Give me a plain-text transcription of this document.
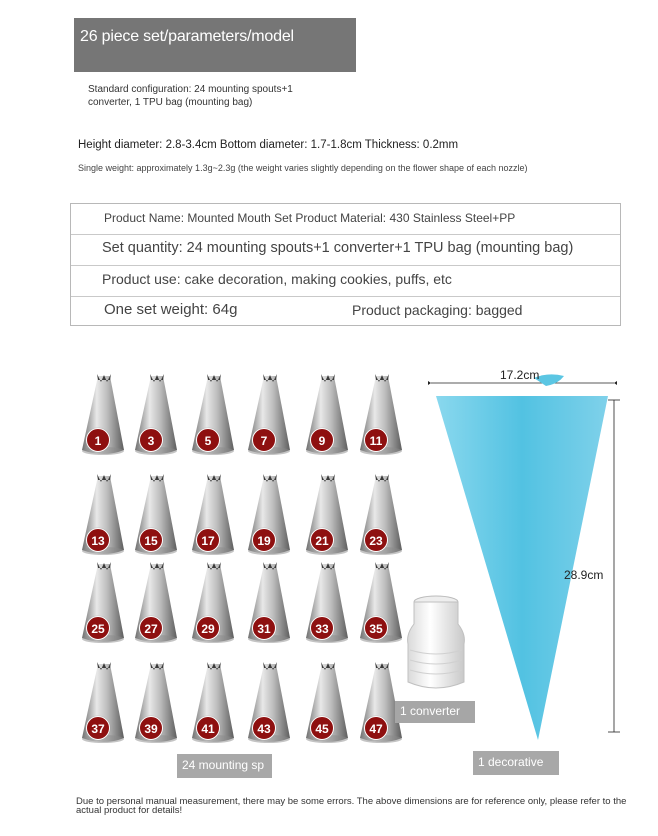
26 piece set/parameters/model
Standard configuration: 24 mounting spouts+1 converter, 1 TPU bag (mounting bag)
Height diameter: 2.8-3.4cm Bottom diameter: 1.7-1.8cm Thickness: 0.2mm
Single weight: approximately 1.3g~2.3g (the weight varies slightly depending on the flower shape of each nozzle)
Product Name: Mounted Mouth Set Product Material: 430 Stainless Steel+PP
Set quantity: 24 mounting spouts+1 converter+1 TPU bag (mounting bag)
Product use: cake decoration, making cookies, puffs, etc
One set weight: 64g	Product packaging: bagged
1	3	5	7	9	11
13	15	17	19	21	23
25	27	29	31	33	35
37	39	41	43	45	47
1 converter
17.2cm
28.9cm
24 mounting sp	1 decorative
Due to personal manual measurement, there may be some errors. The above dimensions are for reference only, please refer to the actual product for details!
